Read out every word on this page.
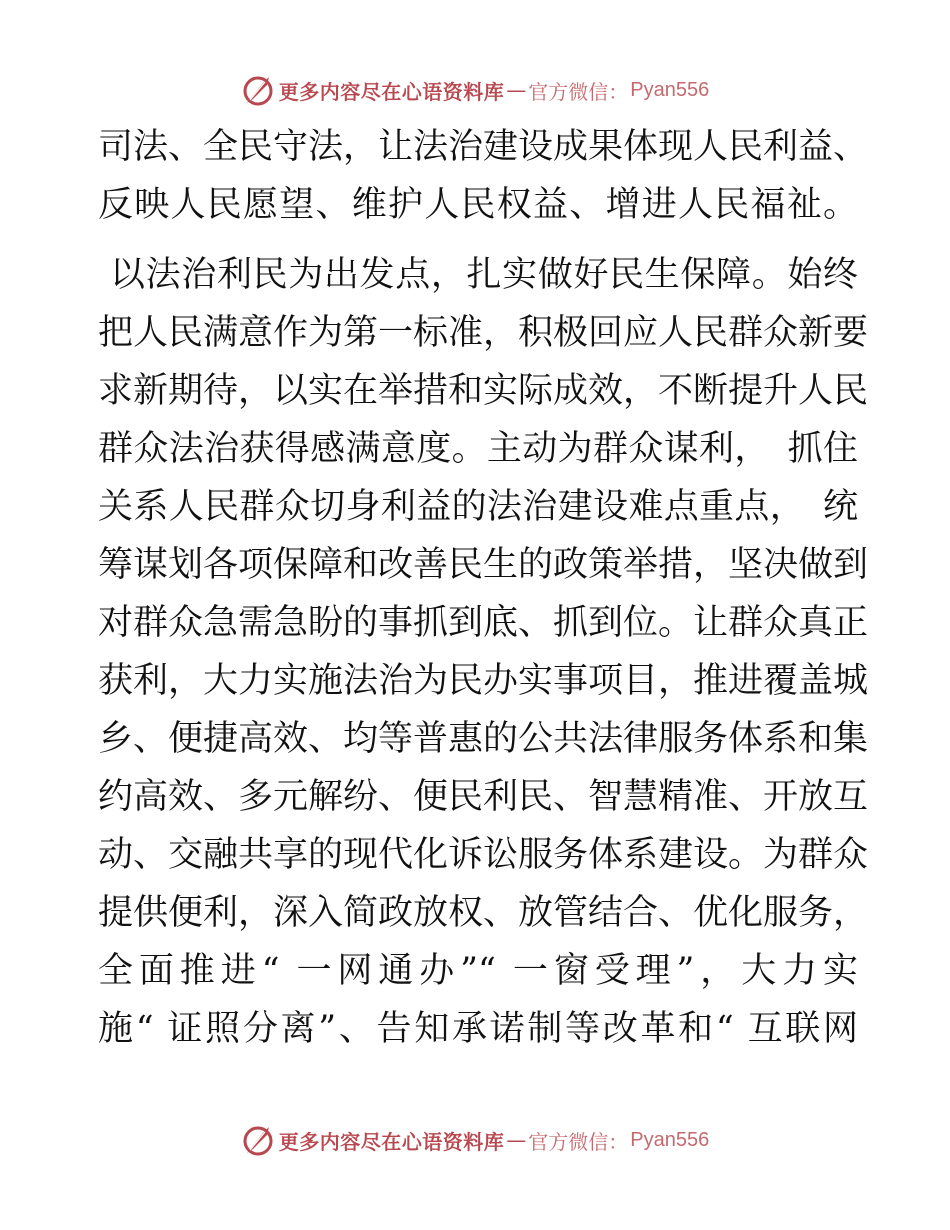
更多内容尽在心语资料库 — 官方微信： Pyan556
司法、全民守法，让法治建设成果体现人民利益、
反映人民愿望、维护人民权益、增进人民福祉。
以法治利民为出发点，扎实做好民生保障。始终
把人民满意作为第一标准，积极回应人民群众新要
求新期待，以实在举措和实际成效，不断提升人民
群众法治获得感满意度。主动为群众谋利，　抓住
关系人民群众切身利益的法治建设难点重点，　统
筹谋划各项保障和改善民生的政策举措，坚决做到
对群众急需急盼的事抓到底、抓到位。让群众真正
获利，大力实施法治为民办实事项目，推进覆盖城
乡、便捷高效、均等普惠的公共法律服务体系和集
约高效、多元解纷、便民利民、智慧精准、开放互
动、交融共享的现代化诉讼服务体系建设。为群众
提供便利，深入简政放权、放管结合、优化服务，
全面推进“ 一网通办”“ 一窗受理”，大力实
施“ 证照分离”、告知承诺制等改革和“ 互联网
更多内容尽在心语资料库 — 官方微信： Pyan556
